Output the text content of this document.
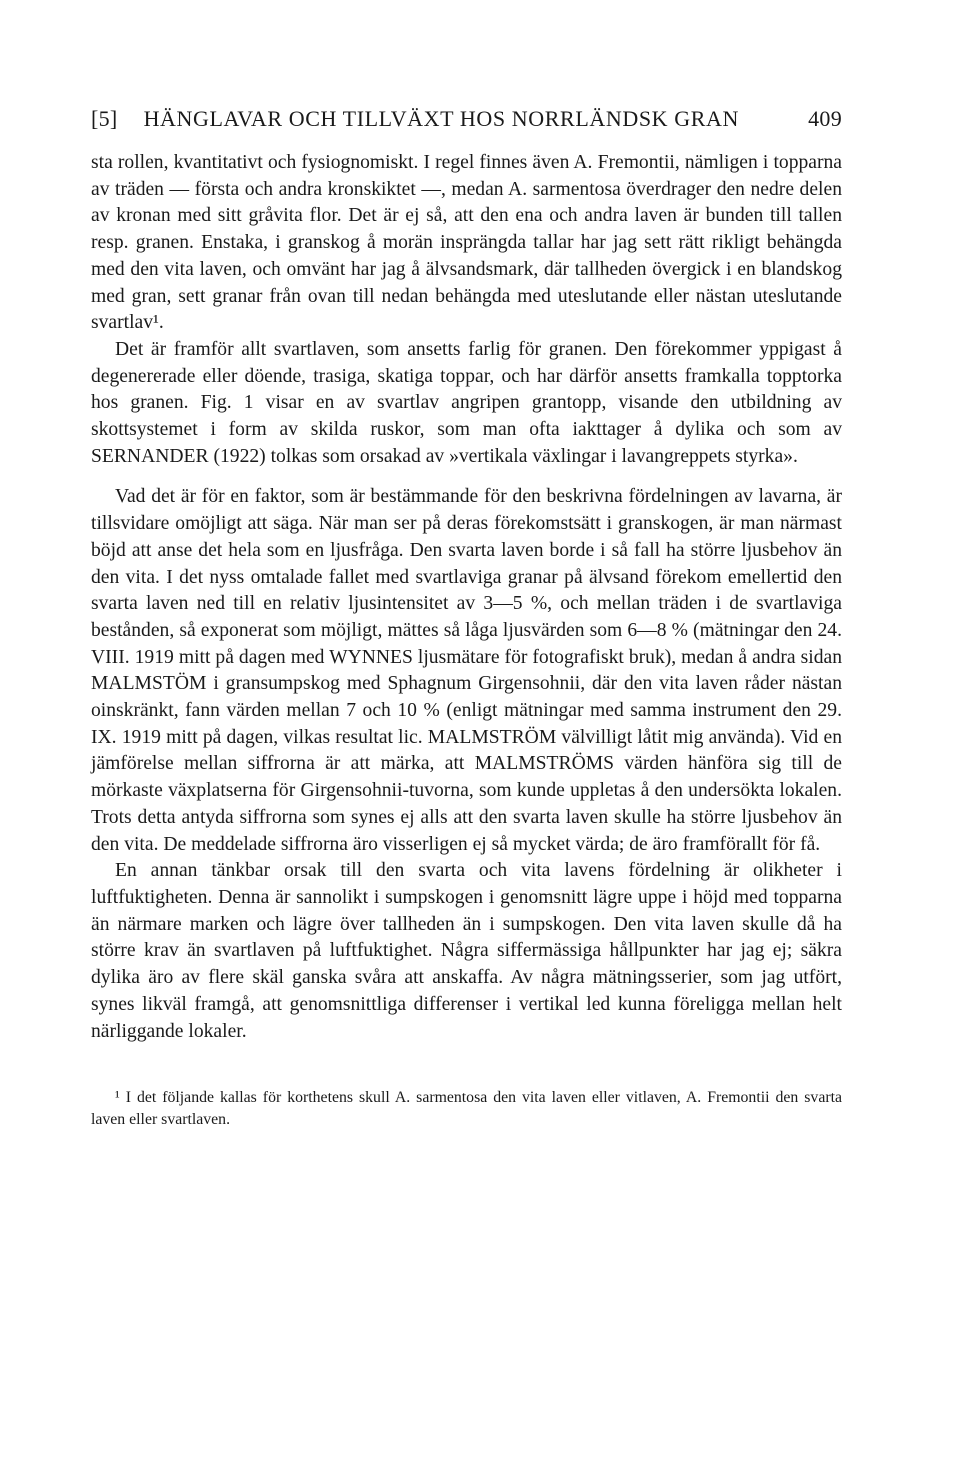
[5] HÄNGLAVAR OCH TILLVÄXT HOS NORRLÄNDSK GRAN	409

sta rollen, kvantitativt och fysiognomiskt. I regel finnes även A. Fremontii, nämligen i topparna av träden — första och andra kronskiktet —, medan A. sarmentosa överdrager den nedre delen av kronan med sitt gråvita flor. Det är ej så, att den ena och andra laven är bunden till tallen resp. granen. Enstaka, i granskog å morän insprängda tallar har jag sett rätt rikligt behängda med den vita laven, och omvänt har jag å älvsandsmark, där tallheden övergick i en blandskog med gran, sett granar från ovan till nedan behängda med uteslutande eller nästan uteslutande svartlav¹.

Det är framför allt svartlaven, som ansetts farlig för granen. Den förekommer yppigast å degenererade eller döende, trasiga, skatiga toppar, och har därför ansetts framkalla topptorka hos granen. Fig. 1 visar en av svartlav angripen grantopp, visande den utbildning av skottsystemet i form av skilda ruskor, som man ofta iakttager å dylika och som av SERNANDER (1922) tolkas som orsakad av »vertikala växlingar i lavangreppets styrka».

Vad det är för en faktor, som är bestämmande för den beskrivna fördelningen av lavarna, är tillsvidare omöjligt att säga. När man ser på deras förekomstsätt i granskogen, är man närmast böjd att anse det hela som en ljusfråga. Den svarta laven borde i så fall ha större ljusbehov än den vita. I det nyss omtalade fallet med svartlaviga granar på älvsand förekom emellertid den svarta laven ned till en relativ ljusintensitet av 3—5 %, och mellan träden i de svartlaviga bestånden, så exponerat som möjligt, mättes så låga ljusvärden som 6—8 % (mätningar den 24. VIII. 1919 mitt på dagen med WYNNES ljusmätare för fotografiskt bruk), medan å andra sidan MALMSTÖM i gransumpskog med Sphagnum Girgensohnii, där den vita laven råder nästan oinskränkt, fann värden mellan 7 och 10 % (enligt mätningar med samma instrument den 29. IX. 1919 mitt på dagen, vilkas resultat lic. MALMSTRÖM välvilligt låtit mig använda). Vid en jämförelse mellan siffrorna är att märka, att MALMSTRÖMS värden hänföra sig till de mörkaste växplatserna för Girgensohnii-tuvorna, som kunde uppletas å den undersökta lokalen. Trots detta antyda siffrorna som synes ej alls att den svarta laven skulle ha större ljusbehov än den vita. De meddelade siffrorna äro visserligen ej så mycket värda; de äro framförallt för få.

En annan tänkbar orsak till den svarta och vita lavens fördelning är olikheter i luftfuktigheten. Denna är sannolikt i sumpskogen i genomsnitt lägre uppe i höjd med topparna än närmare marken och lägre över tallheden än i sumpskogen. Den vita laven skulle då ha större krav än svartlaven på luftfuktighet. Några siffermässiga hållpunkter har jag ej; säkra dylika äro av flere skäl ganska svåra att anskaffa. Av några mätningsserier, som jag utfört, synes likväl framgå, att genomsnittliga differenser i vertikal led kunna föreligga mellan helt närliggande lokaler.

¹ I det följande kallas för korthetens skull A. sarmentosa den vita laven eller vitlaven, A. Fremontii den svarta laven eller svartlaven.
